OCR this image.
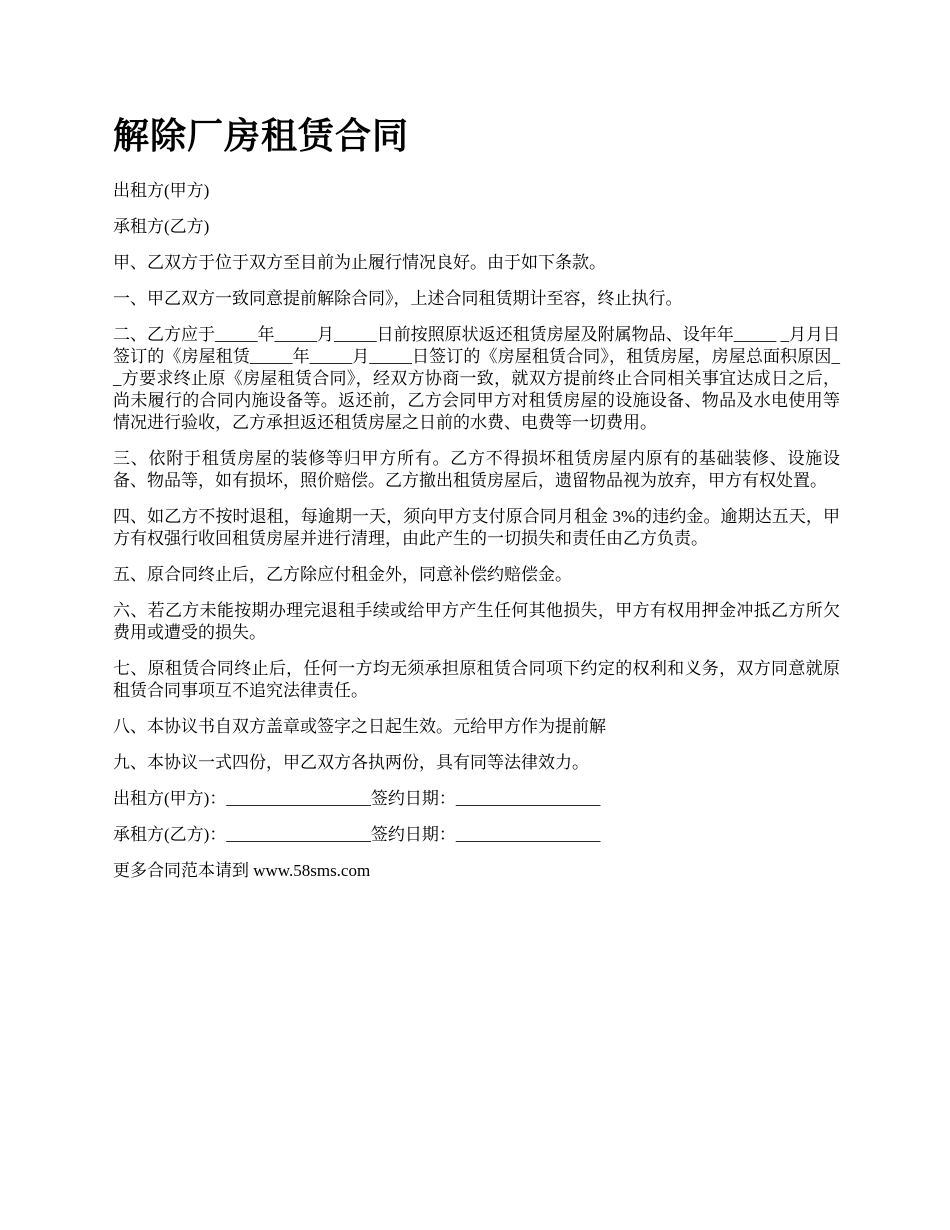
解除厂房租赁合同

出租方(甲方)

承租方(乙方)

甲、乙双方于位于双方至目前为止履行情况良好。由于如下条款。

一、甲乙双方一致同意提前解除合同》，上述合同租赁期计至容，终止执行。

二、乙方应于_____年_____月_____日前按照原状返还租赁房屋及附属物品、设年年_____ _月月日签订的《房屋租赁_____年_____月_____日签订的《房屋租赁合同》，租赁房屋，房屋总面积原因__方要求终止原《房屋租赁合同》，经双方协商一致，就双方提前终止合同相关事宜达成日之后，尚未履行的合同内施设备等。返还前，乙方会同甲方对租赁房屋的设施设备、物品及水电使用等情况进行验收，乙方承担返还租赁房屋之日前的水费、电费等一切费用。

三、依附于租赁房屋的装修等归甲方所有。乙方不得损坏租赁房屋内原有的基础装修、设施设备、物品等，如有损坏，照价赔偿。乙方撤出租赁房屋后，遗留物品视为放弃，甲方有权处置。

四、如乙方不按时退租，每逾期一天，须向甲方支付原合同月租金 3%的违约金。逾期达五天，甲方有权强行收回租赁房屋并进行清理，由此产生的一切损失和责任由乙方负责。

五、原合同终止后，乙方除应付租金外，同意补偿约赔偿金。

六、若乙方未能按期办理完退租手续或给甲方产生任何其他损失，甲方有权用押金冲抵乙方所欠费用或遭受的损失。

七、原租赁合同终止后，任何一方均无须承担原租赁合同项下约定的权利和义务，双方同意就原租赁合同事项互不追究法律责任。

八、本协议书自双方盖章或签字之日起生效。元给甲方作为提前解

九、本协议一式四份，甲乙双方各执两份，具有同等法律效力。

出租方(甲方)：_________________签约日期：_________________

承租方(乙方)：_________________签约日期：_________________

更多合同范本请到 www.58sms.com
